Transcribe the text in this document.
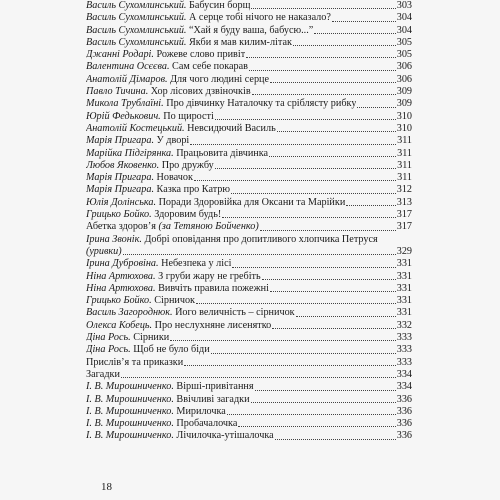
Василь Сухомлинський. Бабусин борщ	303
Василь Сухомлинський. А серце тобі нічого не наказало?	304
Василь Сухомлинський. “Хай я буду ваша, бабусю...”	304
Василь Сухомлинський. Якби я мав килим-літак	305
Джанні Родарі. Рожеве слово привіт	305
Валентина Осєєва. Сам себе покарав	306
Анатолій Дімаров. Для чого людині серце	306
Павло Тичина. Хор лісових дзвіночків	309
Микола Трублаїні. Про дівчинку Наталочку та сріблясту рибку	309
Юрій Федькович. По щирості	310
Анатолій Костецький. Невсидючий Василь	310
Марія Пригара. У дворі	311
Марійка Підгірянка. Працьовита дівчинка	311
Любов Яковенко. Про дружбу	311
Марія Пригара. Новачок	311
Марія Пригара. Казка про Катрю	312
Юлія Долінська. Поради Здоровійка для Оксани та Марійки	313
Грицько Бойко. Здоровим будь!	317
Абетка здоров’я (за Тетяною Бойченко)	317
Ірина Звонік. Добрі оповідання про допитливого хлопчика Петруся
(уривки)	329
Ірина Дубровіна. Небезпека у лісі	331
Ніна Артюхова. З груби жару не гребіть	331
Ніна Артюхова. Вивчіть правила пожежні	331
Грицько Бойко. Сірничок	331
Василь Загороднюк. Його величність – сірничок	331
Олекса Кобець. Про неслухняне лисенятко	332
Діна Рось. Сірники	333
Діна Рось. Щоб не було біди	333
Прислів’я та приказки	333
Загадки	334
І. В. Мирошниченко. Вірші-привітання	334
І. В. Мирошниченко. Ввічливі загадки	336
І. В. Мирошниченко. Мирилочка	336
І. В. Мирошниченко. Пробачалочка	336
І. В. Мирошниченко. Лічилочка-утішалочка	336
18
